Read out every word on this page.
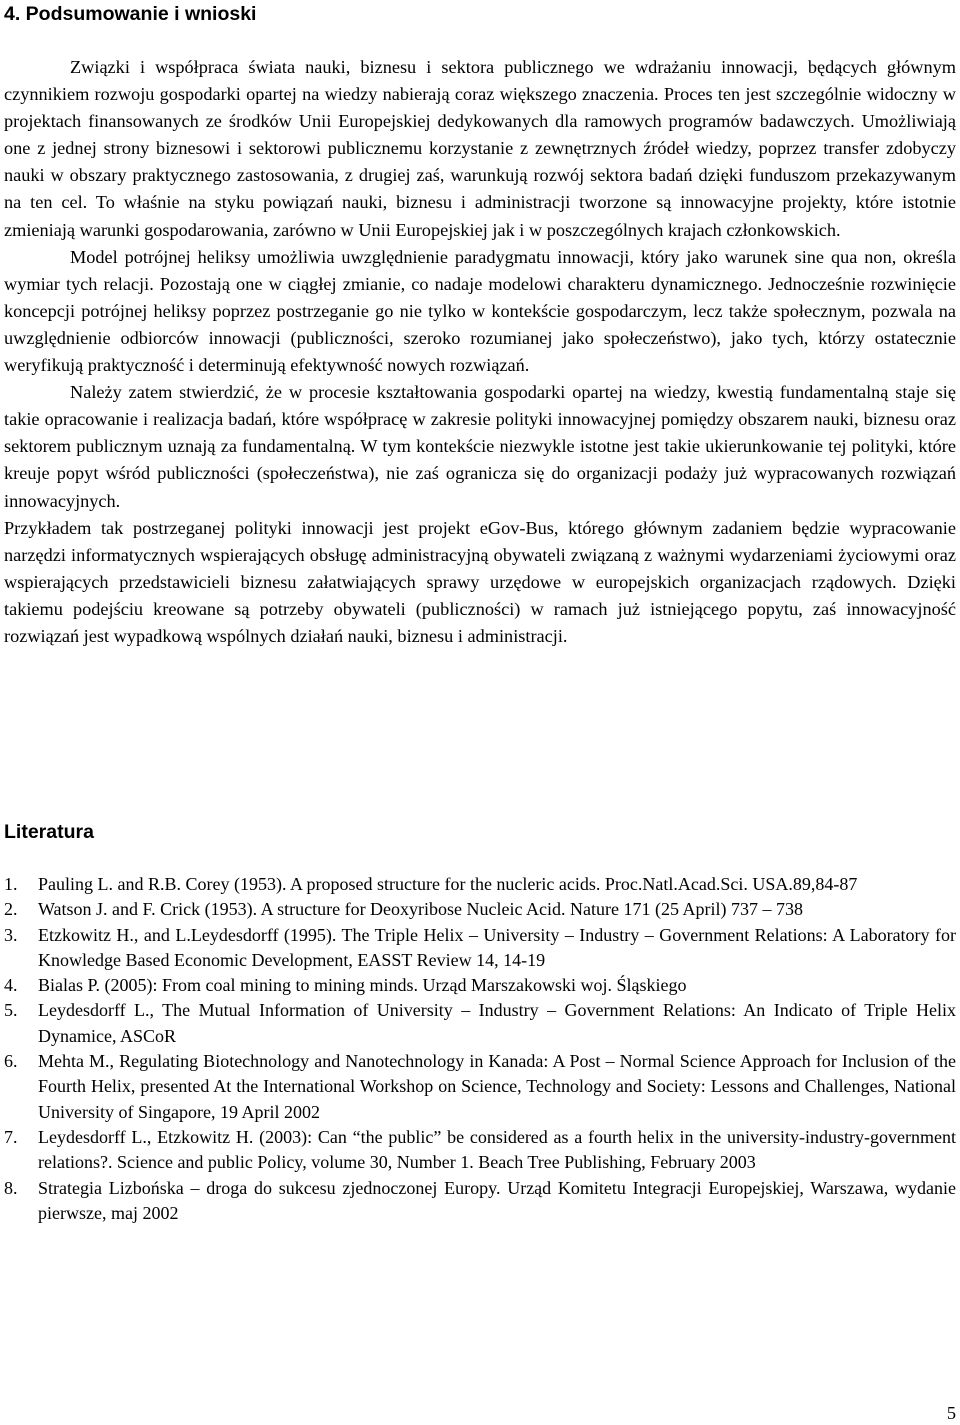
4. Podsumowanie i wnioski

Związki i współpraca świata nauki, biznesu i sektora publicznego we wdrażaniu innowacji, będących głównym czynnikiem rozwoju gospodarki opartej na wiedzy nabierają coraz większego znaczenia. Proces ten jest szczególnie widoczny w projektach finansowanych ze środków Unii Europejskiej dedykowanych dla ramowych programów badawczych. Umożliwiają one z jednej strony biznesowi i sektorowi publicznemu korzystanie z zewnętrznych źródeł wiedzy, poprzez transfer zdobyczy nauki w obszary praktycznego zastosowania, z drugiej zaś, warunkują rozwój sektora badań dzięki funduszom przekazywanym na ten cel. To właśnie na styku powiązań nauki, biznesu i administracji tworzone są innowacyjne projekty, które istotnie zmieniają warunki gospodarowania, zarówno w Unii Europejskiej jak i w poszczególnych krajach członkowskich.

Model potrójnej heliksy umożliwia uwzględnienie paradygmatu innowacji, który jako warunek sine qua non, określa wymiar tych relacji. Pozostają one w ciągłej zmianie, co nadaje modelowi charakteru dynamicznego. Jednocześnie rozwinięcie koncepcji potrójnej heliksy poprzez postrzeganie go nie tylko w kontekście gospodarczym, lecz także społecznym, pozwala na uwzględnienie odbiorców innowacji (publiczności, szeroko rozumianej jako społeczeństwo), jako tych, którzy ostatecznie weryfikują praktyczność i determinują efektywność nowych rozwiązań.

Należy zatem stwierdzić, że w procesie kształtowania gospodarki opartej na wiedzy, kwestią fundamentalną staje się takie opracowanie i realizacja badań, które współpracę w zakresie polityki innowacyjnej pomiędzy obszarem nauki, biznesu oraz sektorem publicznym uznają za fundamentalną. W tym kontekście niezwykle istotne jest takie ukierunkowanie tej polityki, które kreuje popyt wśród publiczności (społeczeństwa), nie zaś ogranicza się do organizacji podaży już wypracowanych rozwiązań innowacyjnych.

Przykładem tak postrzeganej polityki innowacji jest projekt eGov-Bus, którego głównym zadaniem będzie wypracowanie narzędzi informatycznych wspierających obsługę administracyjną obywateli związaną z ważnymi wydarzeniami życiowymi oraz wspierających przedstawicieli biznesu załatwiających sprawy urzędowe w europejskich organizacjach rządowych. Dzięki takiemu podejściu kreowane są potrzeby obywateli (publiczności) w ramach już istniejącego popytu, zaś innowacyjność rozwiązań jest wypadkową wspólnych działań nauki, biznesu i administracji.

Literatura
1. Pauling L. and R.B. Corey (1953). A proposed structure for the nucleric acids. Proc.Natl.Acad.Sci. USA.89,84-87
2. Watson J. and F. Crick (1953). A structure for Deoxyribose Nucleic Acid. Nature 171 (25 April) 737 – 738
3. Etzkowitz H., and L.Leydesdorff (1995). The Triple Helix – University – Industry – Government Relations: A Laboratory for Knowledge Based Economic Development, EASST Review 14, 14-19
4. Bialas P. (2005): From coal mining to mining minds. Urząd Marszakowski woj. Śląskiego
5. Leydesdorff L., The Mutual Information of University – Industry – Government Relations: An Indicato of Triple Helix Dynamice, ASCoR
6. Mehta M., Regulating Biotechnology and Nanotechnology in Kanada: A Post – Normal Science Approach for Inclusion of the Fourth Helix, presented At the International Workshop on Science, Technology and Society: Lessons and Challenges, National University of Singapore, 19 April 2002
7. Leydesdorff L., Etzkowitz H. (2003): Can “the public” be considered as a fourth helix in the university-industry-government relations?. Science and public Policy, volume 30, Number 1. Beach Tree Publishing, February 2003
8. Strategia Lizbońska – droga do sukcesu zjednoczonej Europy. Urząd Komitetu Integracji Europejskiej, Warszawa, wydanie pierwsze, maj 2002
5
